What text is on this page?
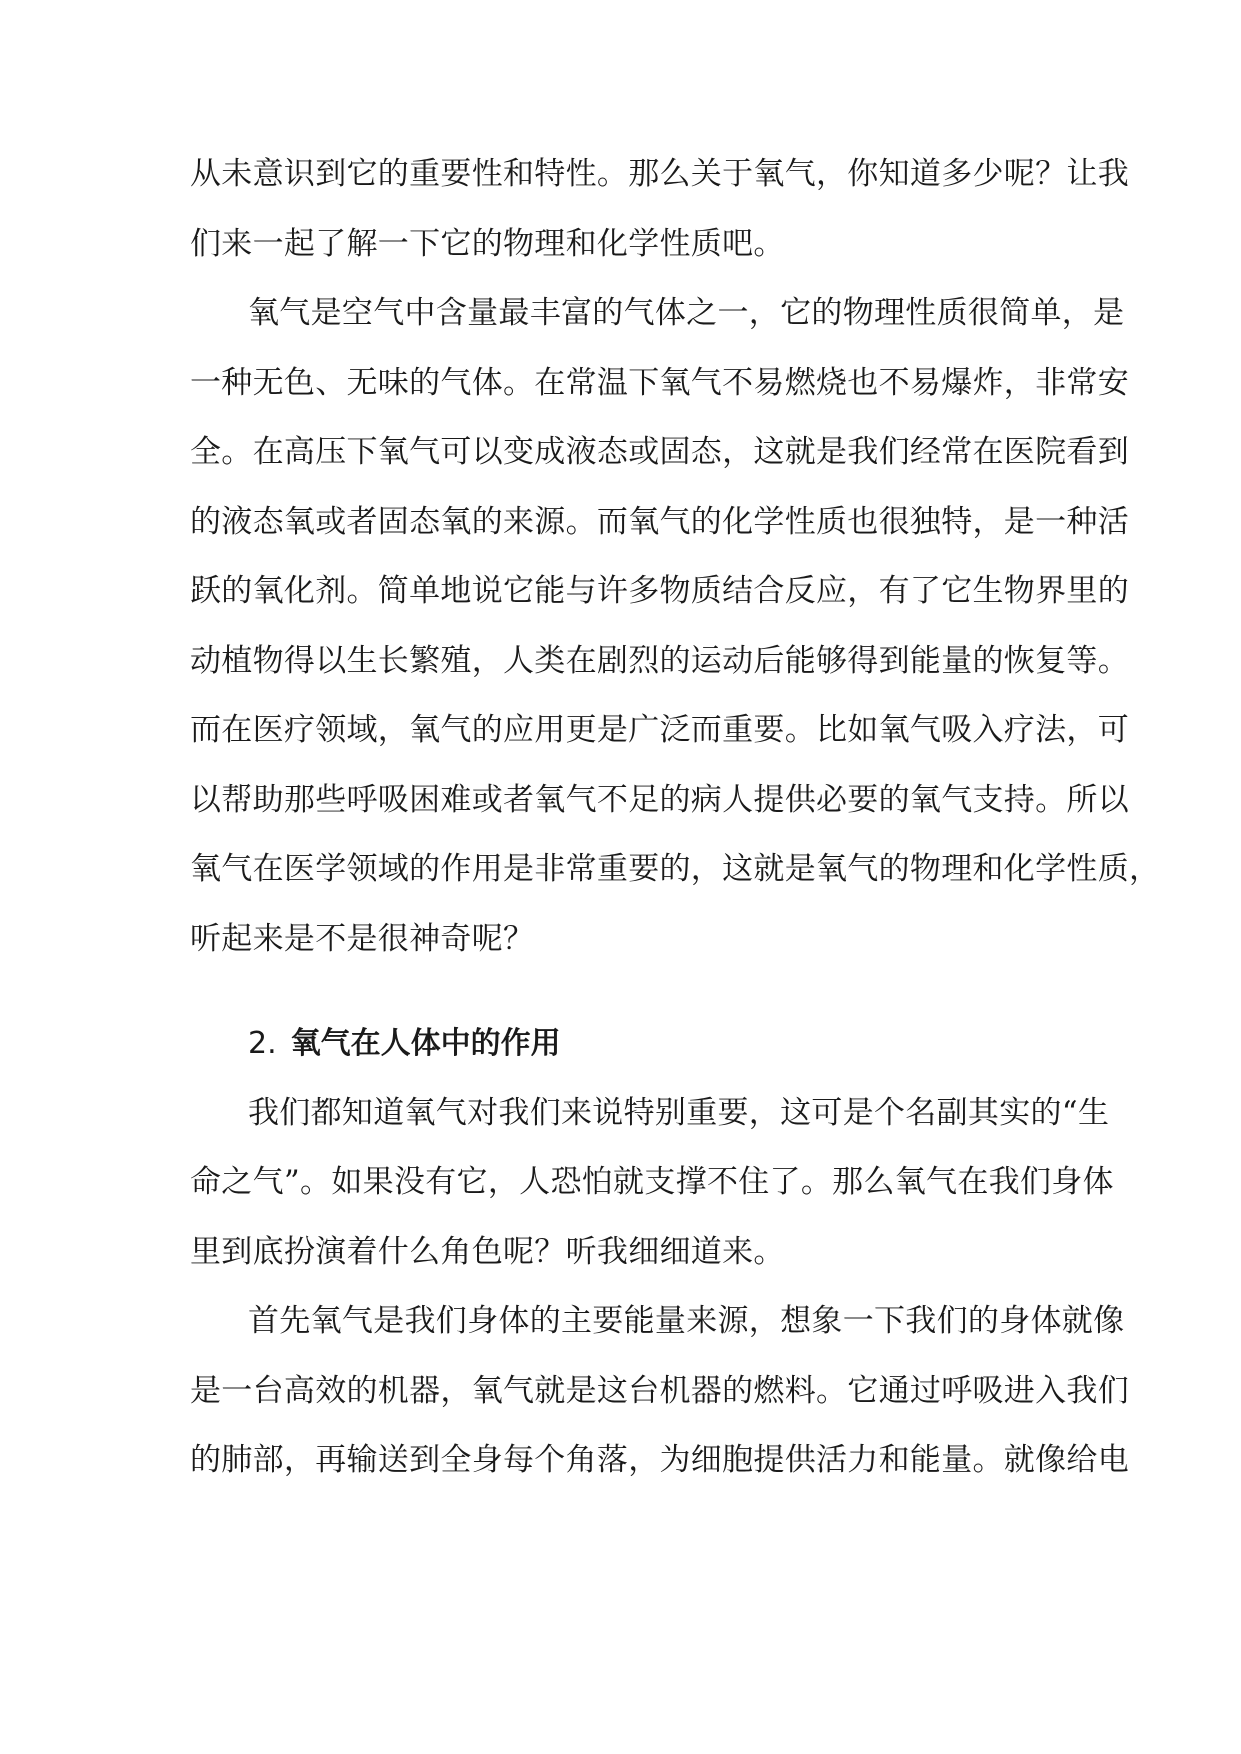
从未意识到它的重要性和特性。那么关于氧气，你知道多少呢？让我
们来一起了解一下它的物理和化学性质吧。
氧气是空气中含量最丰富的气体之一，它的物理性质很简单，是
一种无色、无味的气体。在常温下氧气不易燃烧也不易爆炸，非常安
全。在高压下氧气可以变成液态或固态，这就是我们经常在医院看到
的液态氧或者固态氧的来源。而氧气的化学性质也很独特，是一种活
跃的氧化剂。简单地说它能与许多物质结合反应，有了它生物界里的
动植物得以生长繁殖，人类在剧烈的运动后能够得到能量的恢复等。
而在医疗领域，氧气的应用更是广泛而重要。比如氧气吸入疗法，可
以帮助那些呼吸困难或者氧气不足的病人提供必要的氧气支持。所以
氧气在医学领域的作用是非常重要的，这就是氧气的物理和化学性质，
听起来是不是很神奇呢？
2. 氧气在人体中的作用
我们都知道氧气对我们来说特别重要，这可是个名副其实的“生
命之气”。如果没有它，人恐怕就支撑不住了。那么氧气在我们身体
里到底扮演着什么角色呢？听我细细道来。
首先氧气是我们身体的主要能量来源，想象一下我们的身体就像
是一台高效的机器，氧气就是这台机器的燃料。它通过呼吸进入我们
的肺部，再输送到全身每个角落，为细胞提供活力和能量。就像给电
